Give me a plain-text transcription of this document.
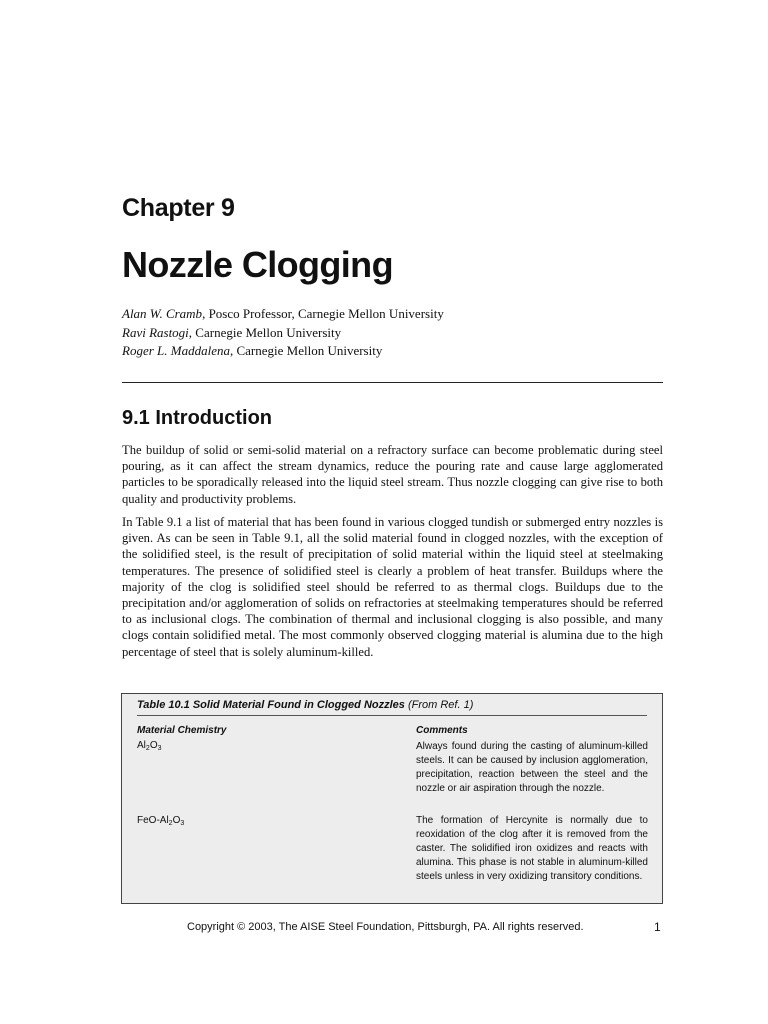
Chapter 9
Nozzle Clogging
Alan W. Cramb, Posco Professor, Carnegie Mellon University
Ravi Rastogi, Carnegie Mellon University
Roger L. Maddalena, Carnegie Mellon University
9.1 Introduction

The buildup of solid or semi-solid material on a refractory surface can become problematic during steel pouring, as it can affect the stream dynamics, reduce the pouring rate and cause large agglomerated particles to be sporadically released into the liquid steel stream. Thus nozzle clogging can give rise to both quality and productivity problems.

In Table 9.1 a list of material that has been found in various clogged tundish or submerged entry nozzles is given. As can be seen in Table 9.1, all the solid material found in clogged nozzles, with the exception of the solidified steel, is the result of precipitation of solid material within the liquid steel at steelmaking temperatures. The presence of solidified steel is clearly a problem of heat transfer. Buildups where the majority of the clog is solidified steel should be referred to as thermal clogs. Buildups due to the precipitation and/or agglomeration of solids on refractories at steelmaking temperatures should be referred to as inclusional clogs. The combination of thermal and inclusional clogging is also possible, and many clogs contain solidified metal. The most commonly observed clogging material is alumina due to the high percentage of steel that is solely aluminum-killed.

Table 10.1 Solid Material Found in Clogged Nozzles (From Ref. 1)
Material Chemistry	Comments
$Al_2O_3$	Always found during the casting of aluminum-killed steels. It can be caused by inclusion agglomeration, precipitation, reaction between the steel and the nozzle or air aspiration through the nozzle.

FeO-$Al_2O_3$	The formation of Hercynite is normally due to reoxidation of the clog after it is removed from the caster. The solidified iron oxidizes and reacts with alumina. This phase is not stable in aluminum-killed steels unless in very oxidizing transitory conditions.

Copyright © 2003, The AISE Steel Foundation, Pittsburgh, PA. All rights reserved.	1
